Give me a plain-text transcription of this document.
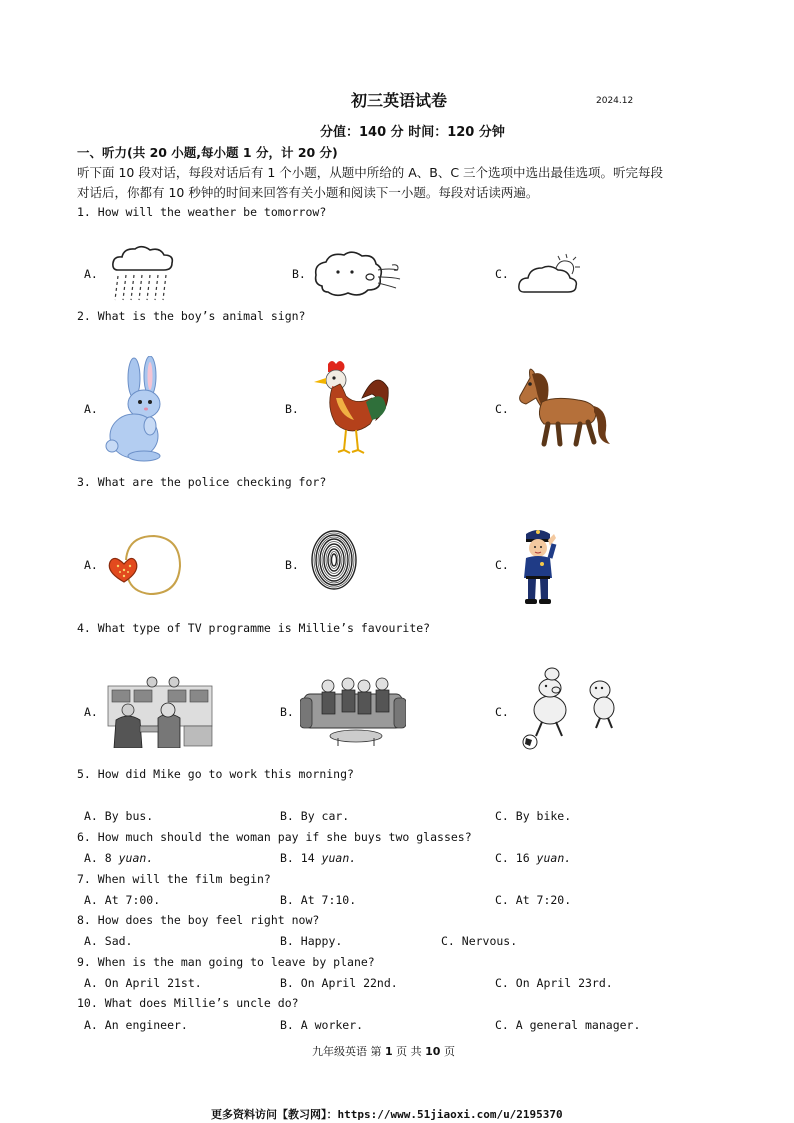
初三英语试卷	2024.12
分值：140 分 时间：120 分钟
一、听力(共 20 小题,每小题 1 分，计 20 分)
听下面 10 段对话，每段对话后有 1 个小题，从题中所给的 A、B、C 三个选项中选出最佳选项。听完每段
对话后，你都有 10 秒钟的时间来回答有关小题和阅读下一小题。每段对话读两遍。
1. How will the weather be tomorrow?
A.	B.	C.
2. What is the boy’s animal sign?
A.	B.	C.
3. What are the police checking for?
A.	B.	C.
4. What type of TV programme is Millie’s favourite?
A.	B.	C.
5. How did Mike go to work this morning?
A. By bus.	B. By car.	C. By bike.
6. How much should the woman pay if she buys two glasses?
A. 8 yuan.	B. 14 yuan.	C. 16 yuan.
7. When will the film begin?
A. At 7:00.	B. At 7:10.	C. At 7:20.
8. How does the boy feel right now?
A. Sad.	B. Happy.	C. Nervous.
9. When is the man going to leave by plane?
A. On April 21st.	B. On April 22nd.	C. On April 23rd.
10. What does Millie’s uncle do?
A. An engineer.	B. A worker.	C. A general manager.
九年级英语 第 1 页 共 10 页
更多资料访问【教习网】：https://www.51jiaoxi.com/u/2195370
